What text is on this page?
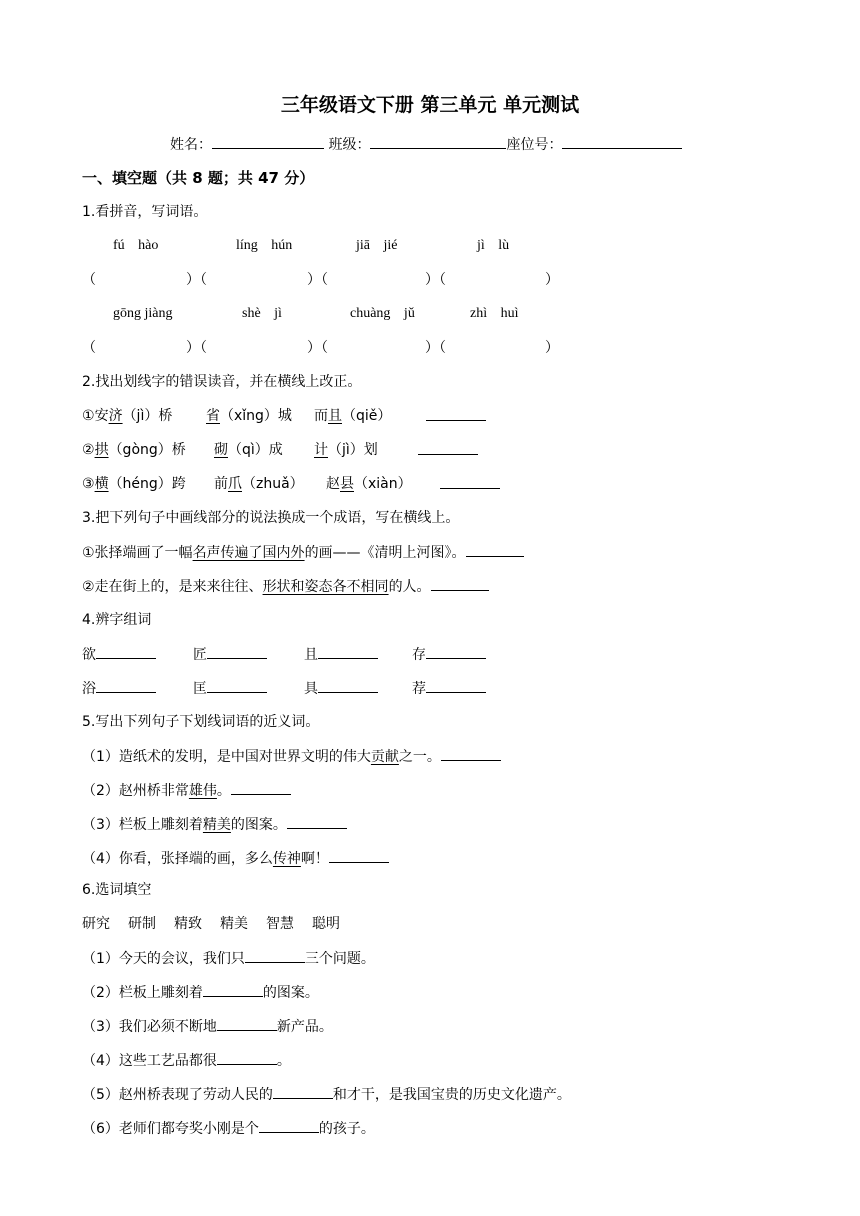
三年级语文下册 第三单元 单元测试
姓名：	班级：	座位号：
一、填空题（共 8 题；共 47 分）
1.看拼音，写词语。
fú hào	líng hún	jiā jié	jì lù
（	）（	）（	）（	）
gōng jiàng	shè jì	chuàng jǔ	zhì huì
（	）（	）（	）（	）
2.找出划线字的错误读音，并在横线上改正。
①安济（jì）桥 省（xǐng）城 而且（qiě）
②拱（gòng）桥 砌（qì）成 计（jì）划
③横（héng）跨 前爪（zhuǎ） 赵县（xiàn）
3.把下列句子中画线部分的说法换成一个成语，写在横线上。
①张择端画了一幅名声传遍了国内外的画——《清明上河图》。
②走在街上的，是来来往往、形状和姿态各不相同的人。
4.辨字组词
欲	匠	且	存
浴	匡	具	荐
5.写出下列句子下划线词语的近义词。
（1）造纸术的发明，是中国对世界文明的伟大贡献之一。
（2）赵州桥非常雄伟。
（3）栏板上雕刻着精美的图案。
（4）你看，张择端的画，多么传神啊！
6.选词填空
研究 研制 精致 精美 智慧 聪明
（1）今天的会议，我们只	三个问题。
（2）栏板上雕刻着	的图案。
（3）我们必须不断地	新产品。
（4）这些工艺品都很	。
（5）赵州桥表现了劳动人民的	和才干，是我国宝贵的历史文化遗产。
（6）老师们都夸奖小刚是个	的孩子。
